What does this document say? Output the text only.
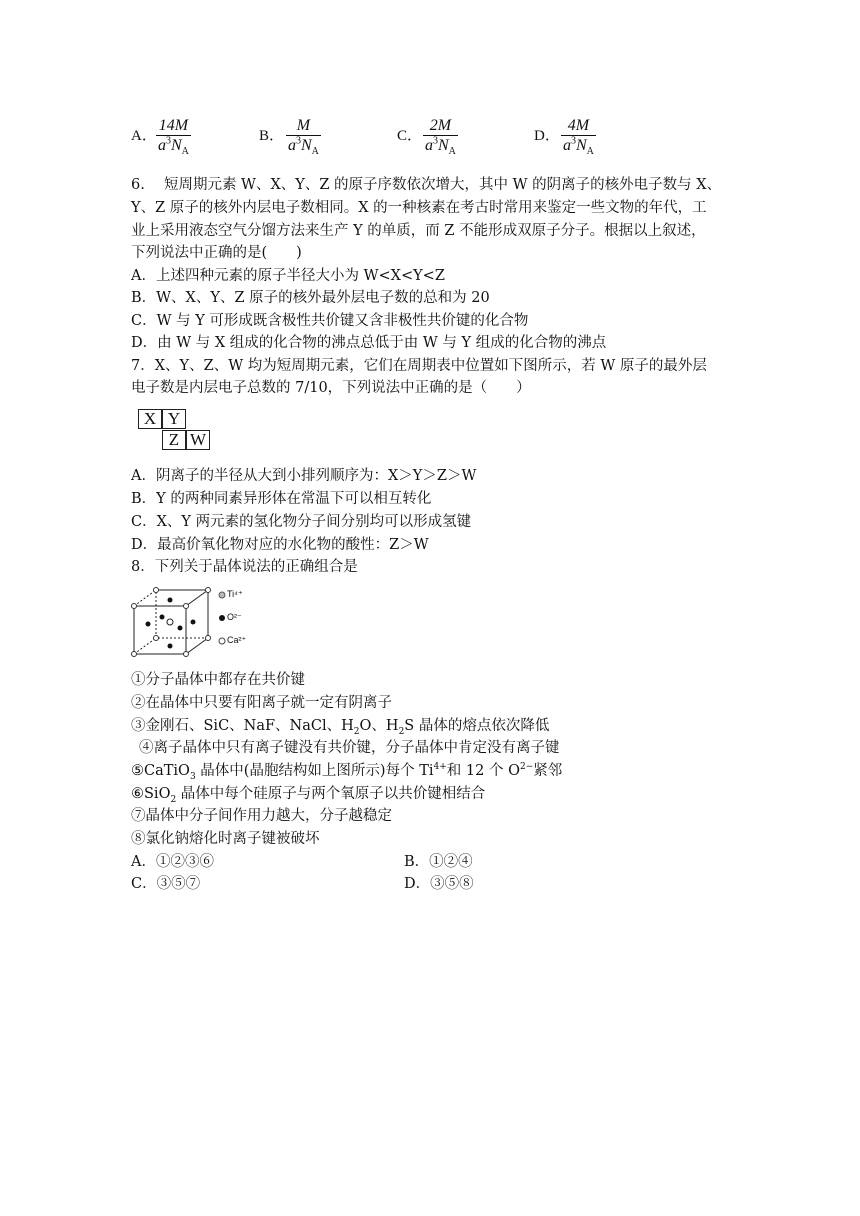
A． $\frac{14M}{a^3N_A}$	B． $\frac{M}{a^3N_A}$	C． $\frac{2M}{a^3N_A}$	D． $\frac{4M}{a^3N_A}$
6.　 短周期元素 W、X、Y、Z 的原子序数依次增大，其中 W 的阴离子的核外电子数与 X、
Y、Z 原子的核外内层电子数相同。X 的一种核素在考古时常用来鉴定一些文物的年代，工
业上采用液态空气分馏方法来生产 Y 的单质，而 Z 不能形成双原子分子。根据以上叙述，
下列说法中正确的是(　　)
A．上述四种元素的原子半径大小为 W<X<Y<Z
B．W、X、Y、Z 原子的核外最外层电子数的总和为 20
C．W 与 Y 可形成既含极性共价键又含非极性共价键的化合物
D．由 W 与 X 组成的化合物的沸点总低于由 W 与 Y 组成的化合物的沸点
7．X、Y、Z、W 均为短周期元素，它们在周期表中位置如下图所示，若 W 原子的最外层
电子数是内层电子总数的 7/10，下列说法中正确的是（　　）
X Y
Z W
A．阴离子的半径从大到小排列顺序为：X＞Y＞Z＞W
B．Y 的两种同素异形体在常温下可以相互转化
C．X、Y 两元素的氢化物分子间分别均可以形成氢键
D．最高价氧化物对应的水化物的酸性：Z＞W
8．下列关于晶体说法的正确组合是
Ti⁴⁺
O²⁻
Ca²⁺
①分子晶体中都存在共价键
②在晶体中只要有阳离子就一定有阴离子
③金刚石、SiC、NaF、NaCl、$H_2O$、$H_2S$ 晶体的熔点依次降低
④离子晶体中只有离子键没有共价键，分子晶体中肯定没有离子键
⑤CaTiO$_3$ 晶体中(晶胞结构如上图所示)每个 $Ti^{4+}$和 12 个 $O^{2-}$紧邻
⑥SiO$_2$ 晶体中每个硅原子与两个氧原子以共价键相结合
⑦晶体中分子间作用力越大，分子越稳定
⑧氯化钠熔化时离子键被破坏
A．①②③⑥	B．①②④
C．③⑤⑦	D．③⑤⑧
